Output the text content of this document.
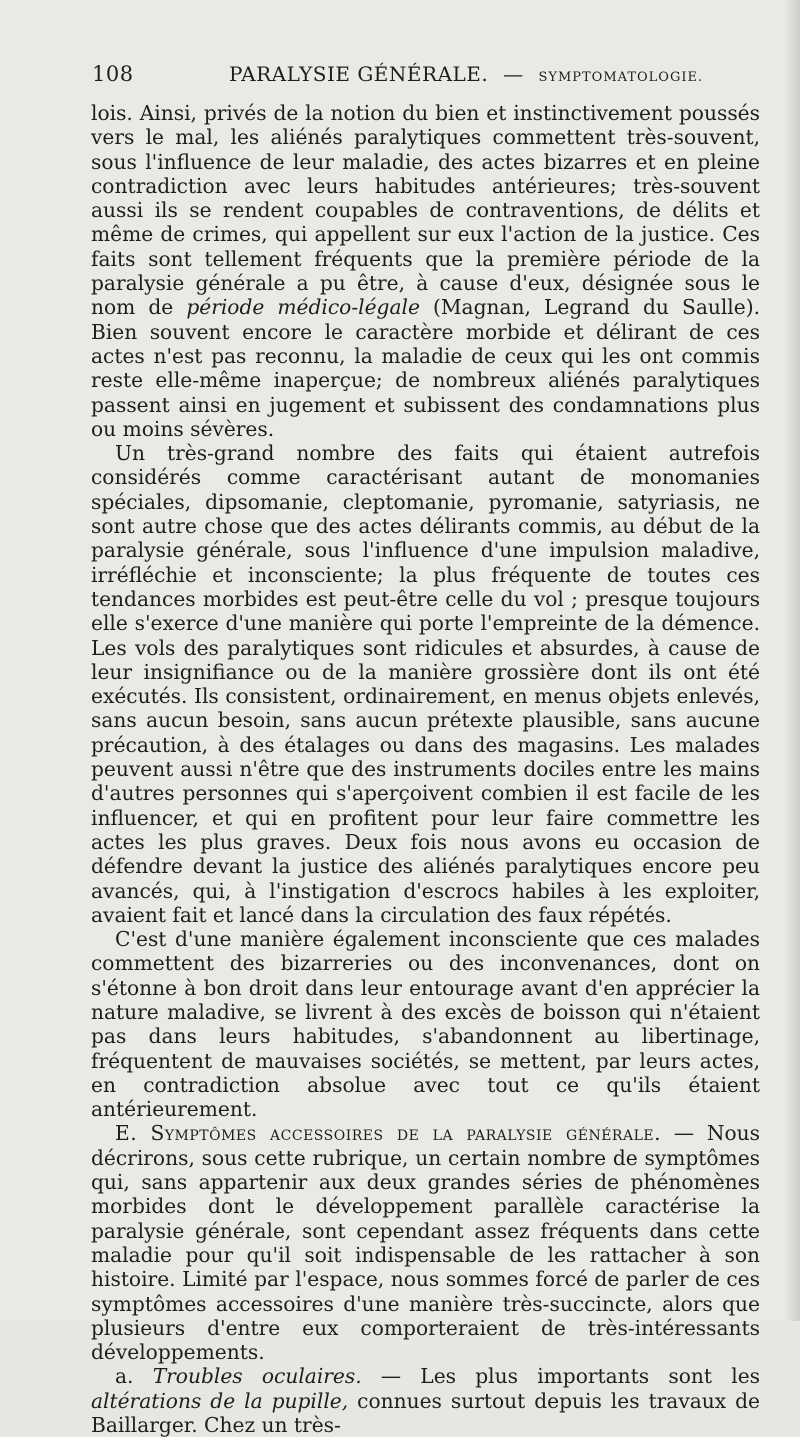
108	PARALYSIE GÉNÉRALE. — SYMPTOMATOLOGIE.

lois. Ainsi, privés de la notion du bien et instinctivement poussés vers le mal, les aliénés paralytiques commettent très-souvent, sous l'influence de leur maladie, des actes bizarres et en pleine contradiction avec leurs habitudes antérieures; très-souvent aussi ils se rendent coupables de contraventions, de délits et même de crimes, qui appellent sur eux l'action de la justice. Ces faits sont tellement fréquents que la première période de la paralysie générale a pu être, à cause d'eux, désignée sous le nom de période médico-légale (Magnan, Legrand du Saulle). Bien souvent encore le caractère morbide et délirant de ces actes n'est pas reconnu, la maladie de ceux qui les ont commis reste elle-même inaperçue; de nombreux aliénés paralytiques passent ainsi en jugement et subissent des condamnations plus ou moins sévères.

Un très-grand nombre des faits qui étaient autrefois considérés comme caractérisant autant de monomanies spéciales, dipsomanie, cleptomanie, pyromanie, satyriasis, ne sont autre chose que des actes délirants commis, au début de la paralysie générale, sous l'influence d'une impulsion maladive, irréfléchie et inconsciente; la plus fréquente de toutes ces tendances morbides est peut-être celle du vol ; presque toujours elle s'exerce d'une manière qui porte l'empreinte de la démence. Les vols des paralytiques sont ridicules et absurdes, à cause de leur insignifiance ou de la manière grossière dont ils ont été exécutés. Ils consistent, ordinairement, en menus objets enlevés, sans aucun besoin, sans aucun prétexte plausible, sans aucune précaution, à des étalages ou dans des magasins. Les malades peuvent aussi n'être que des instruments dociles entre les mains d'autres personnes qui s'aperçoivent combien il est facile de les influencer, et qui en profitent pour leur faire commettre les actes les plus graves. Deux fois nous avons eu occasion de défendre devant la justice des aliénés paralytiques encore peu avancés, qui, à l'instigation d'escrocs habiles à les exploiter, avaient fait et lancé dans la circulation des faux répétés.

C'est d'une manière également inconsciente que ces malades commettent des bizarreries ou des inconvenances, dont on s'étonne à bon droit dans leur entourage avant d'en apprécier la nature maladive, se livrent à des excès de boisson qui n'étaient pas dans leurs habitudes, s'abandonnent au libertinage, fréquentent de mauvaises sociétés, se mettent, par leurs actes, en contradiction absolue avec tout ce qu'ils étaient antérieurement.

E. Symptômes accessoires de la paralysie générale. — Nous décrirons, sous cette rubrique, un certain nombre de symptômes qui, sans appartenir aux deux grandes séries de phénomènes morbides dont le développement parallèle caractérise la paralysie générale, sont cependant assez fréquents dans cette maladie pour qu'il soit indispensable de les rattacher à son histoire. Limité par l'espace, nous sommes forcé de parler de ces symptômes accessoires d'une manière très-succincte, alors que plusieurs d'entre eux comporteraient de très-intéressants développements.

a. Troubles oculaires. — Les plus importants sont les altérations de la pupille, connues surtout depuis les travaux de Baillarger. Chez un très-
